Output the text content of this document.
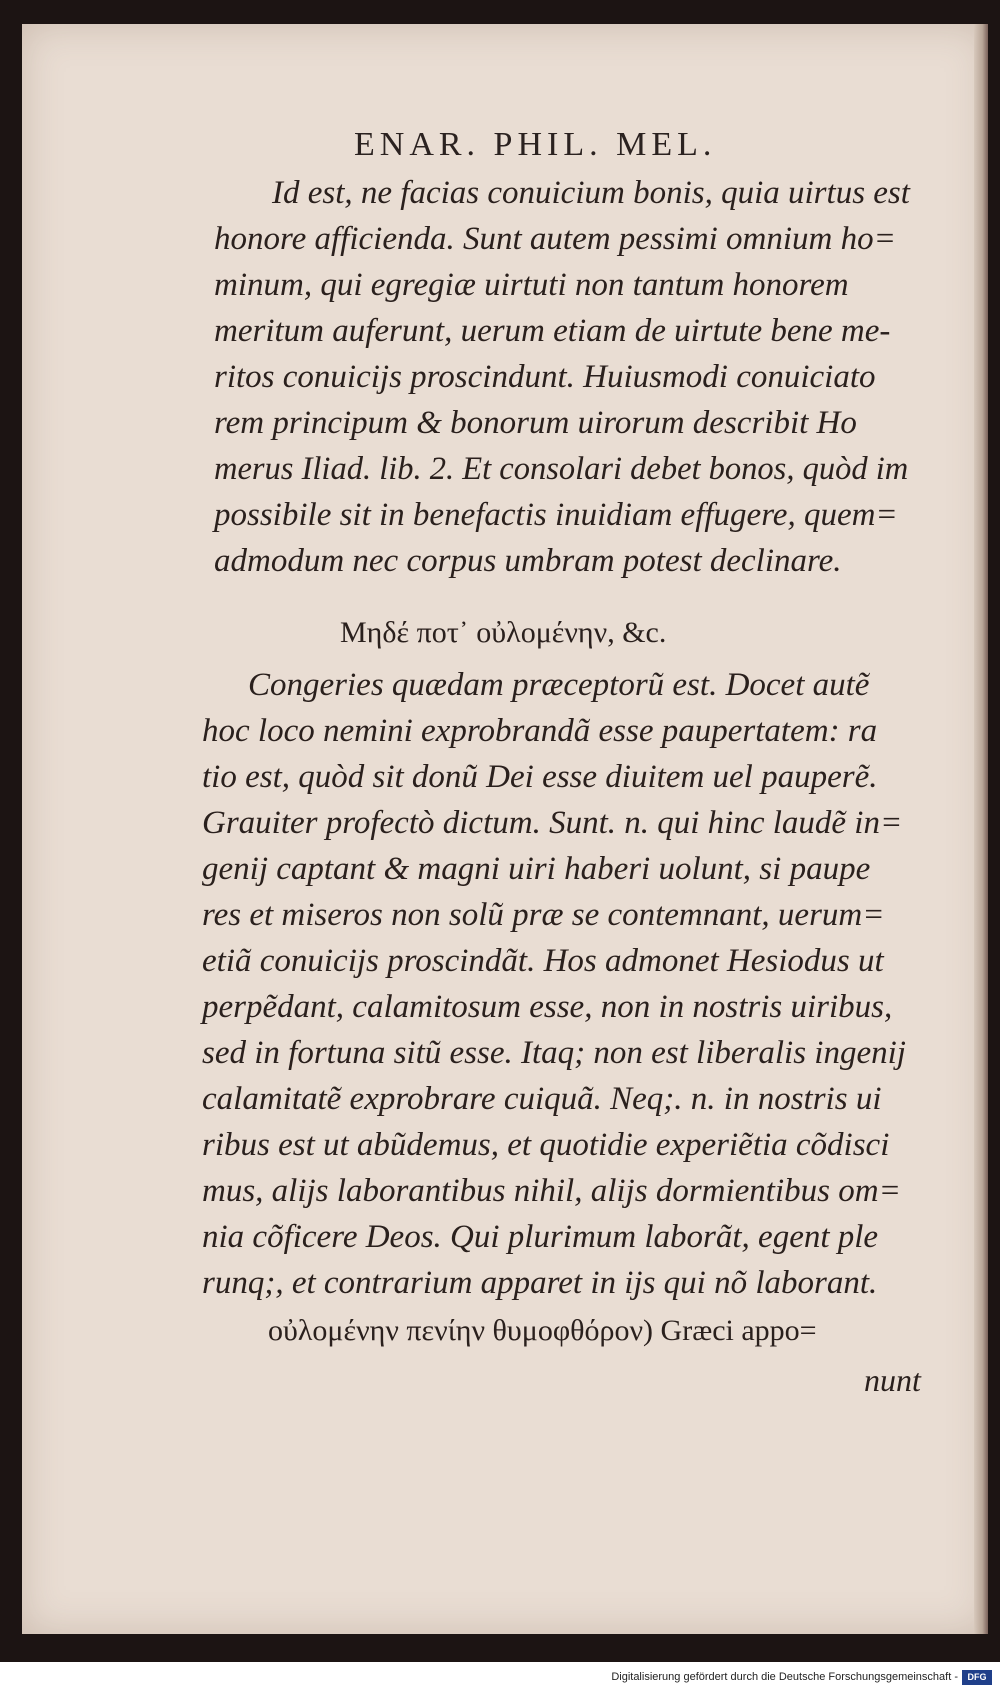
ENAR. PHIL. MEL.
Id est, ne facias conuicium bonis, quia uirtus est
honore afficienda. Sunt autem pessimi omnium ho=
minum, qui egregiæ uirtuti non tantum honorem
meritum auferunt, uerum etiam de uirtute bene me-
ritos conuicijs proscindunt. Huiusmodi conuiciato
rem principum & bonorum uirorum describit Ho
merus Iliad. lib. 2. Et consolari debet bonos, quòd im
possibile sit in benefactis inuidiam effugere, quem=
admodum nec corpus umbram potest declinare.
Μηδέ ποτ᾽ οὐλομένην, &c.
Congeries quædam præceptorũ est. Docet autẽ
hoc loco nemini exprobrandã esse paupertatem: ra
tio est, quòd sit donũ Dei esse diuitem uel pauperẽ.
Grauiter profectò dictum. Sunt. n. qui hinc laudẽ in=
genij captant & magni uiri haberi uolunt, si paupe
res et miseros non solũ præ se contemnant, uerum=
etiã conuicijs proscindãt. Hos admonet Hesiodus ut
perpẽdant, calamitosum esse, non in nostris uiribus,
sed in fortuna sitũ esse. Itaq; non est liberalis ingenij
calamitatẽ exprobrare cuiquã. Neq;. n. in nostris ui
ribus est ut abũdemus, et quotidie experiẽtia cõdisci
mus, alijs laborantibus nihil, alijs dormientibus om=
nia cõficere Deos. Qui plurimum laborãt, egent ple
runq;, et contrarium apparet in ijs qui nõ laborant.
οὐλομένην πενίην θυμοφθόρον) Græci appo=
nunt
Digitalisierung gefördert durch die Deutsche Forschungsgemeinschaft -	DFG
